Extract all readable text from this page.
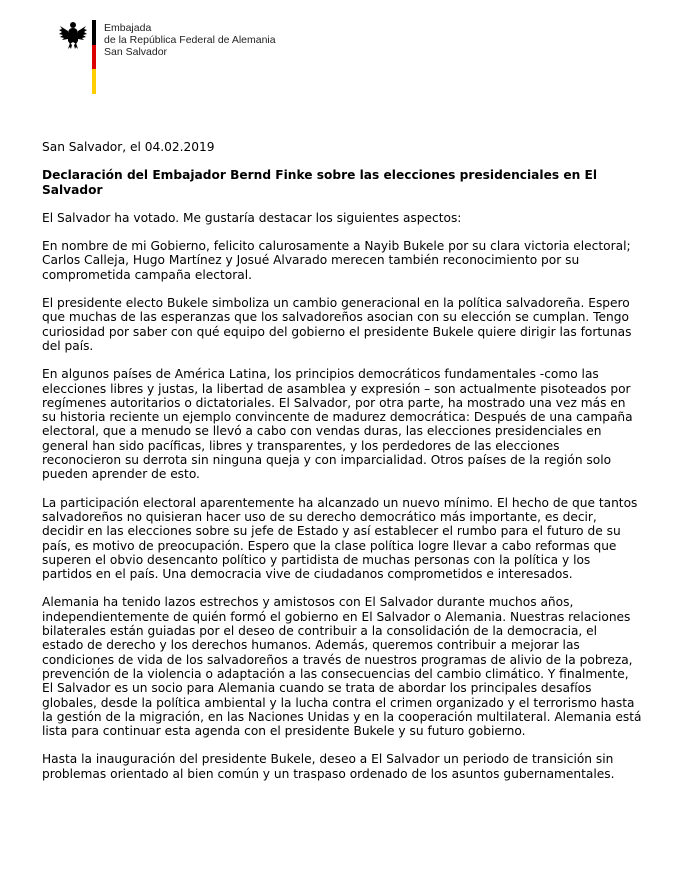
Embajada
de la República Federal de Alemania
San Salvador
San Salvador, el 04.02.2019
Declaración del Embajador Bernd Finke sobre las elecciones presidenciales en El Salvador

El Salvador ha votado. Me gustaría destacar los siguientes aspectos:

En nombre de mi Gobierno, felicito calurosamente a Nayib Bukele por su clara victoria electoral; Carlos Calleja, Hugo Martínez y Josué Alvarado merecen también reconocimiento por su comprometida campaña electoral.

El presidente electo Bukele simboliza un cambio generacional en la política salvadoreña. Espero que muchas de las esperanzas que los salvadoreños asocian con su elección se cumplan. Tengo curiosidad por saber con qué equipo del gobierno el presidente Bukele quiere dirigir las fortunas del país.

En algunos países de América Latina, los principios democráticos fundamentales -como las elecciones libres y justas, la libertad de asamblea y expresión – son actualmente pisoteados por regímenes autoritarios o dictatoriales. El Salvador, por otra parte, ha mostrado una vez más en su historia reciente un ejemplo convincente de madurez democrática: Después de una campaña electoral, que a menudo se llevó a cabo con vendas duras, las elecciones presidenciales en general han sido pacíficas, libres y transparentes, y los perdedores de las elecciones reconocieron su derrota sin ninguna queja y con imparcialidad. Otros países de la región solo pueden aprender de esto.

La participación electoral aparentemente ha alcanzado un nuevo mínimo. El hecho de que tantos salvadoreños no quisieran hacer uso de su derecho democrático más importante, es decir, decidir en las elecciones sobre su jefe de Estado y así establecer el rumbo para el futuro de su país, es motivo de preocupación. Espero que la clase política logre llevar a cabo reformas que superen el obvio desencanto político y partidista de muchas personas con la política y los partidos en el país. Una democracia vive de ciudadanos comprometidos e interesados.

Alemania ha tenido lazos estrechos y amistosos con El Salvador durante muchos años, independientemente de quién formó el gobierno en El Salvador o Alemania. Nuestras relaciones bilaterales están guiadas por el deseo de contribuir a la consolidación de la democracia, el estado de derecho y los derechos humanos. Además, queremos contribuir a mejorar las condiciones de vida de los salvadoreños a través de nuestros programas de alivio de la pobreza, prevención de la violencia o adaptación a las consecuencias del cambio climático. Y finalmente, El Salvador es un socio para Alemania cuando se trata de abordar los principales desafíos globales, desde la política ambiental y la lucha contra el crimen organizado y el terrorismo hasta la gestión de la migración, en las Naciones Unidas y en la cooperación multilateral. Alemania está lista para continuar esta agenda con el presidente Bukele y su futuro gobierno.

Hasta la inauguración del presidente Bukele, deseo a El Salvador un periodo de transición sin problemas orientado al bien común y un traspaso ordenado de los asuntos gubernamentales.
